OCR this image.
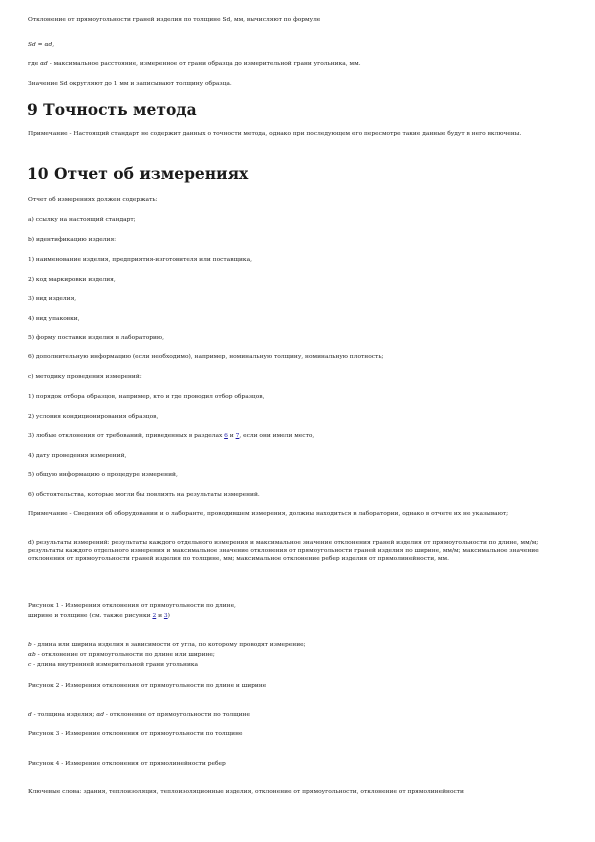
Отклонение от прямоугольности граней изделия по толщине Sd, мм, вычисляют по формуле
Sd = αd,
где αd - максимальное расстояние, измеренное от грани образца до измерительной грани угольника, мм.
Значение Sd округляют до 1 мм и записывают толщину образца.
9 Точность метода
Примечание - Настоящий стандарт не содержит данных о точности метода, однако при последующем его пересмотре такие данные будут в него включены.
10 Отчет об измерениях
Отчет об измерениях должен содержать:
а) ссылку на настоящий стандарт;
b) идентификацию изделия:
1) наименование изделия, предприятия-изготовителя или поставщика,
2) код маркировки изделия,
3) вид изделия,
4) вид упаковки,
5) форму поставки изделия в лабораторию,
6) дополнительную информацию (если необходимо), например, номинальную толщину, номинальную плотность;
с) методику проведения измерений:
1) порядок отбора образцов, например, кто и где проводил отбор образцов,
2) условия кондиционирования образцов,
3) любые отклонения от требований, приведенных в разделах 6 и 7, если они имели место,
4) дату проведения измерений,
5) общую информацию о процедуре измерений,
6) обстоятельства, которые могли бы повлиять на результаты измерений.
Примечание - Сведения об оборудовании и о лаборанте, проводившем измерения, должны находиться в лаборатории, однако в отчете их не указывают;
d) результаты измерений: результаты каждого отдельного измерения и максимальное значение отклонения граней изделия от прямоугольности по длине, мм/м; результаты каждого отдельного измерения и максимальное значение отклонения от прямоугольности граней изделия по ширине, мм/м; максимальное значение отклонения от прямоугольности граней изделия по толщине, мм; максимальное отклонение ребер изделия от прямолинейности, мм.
Рисунок 1 - Измерения отклонения от прямоугольности по длине,
ширине и толщине (см. также рисунки 2 и 3)
b - длина или ширина изделия в зависимости от угла, по которому проводят измерение;
αb - отклонение от прямоугольности по длине или ширине;
c - длина внутренней измерительной грани угольника
Рисунок 2 - Измерения отклонения от прямоугольности по длине и ширине
d - толщина изделия; αd - отклонение от прямоугольности по толщине
Рисунок 3 - Измерение отклонения от прямоугольности по толщине
Рисунок 4 - Измерение отклонения от прямолинейности ребер
Ключевые слова: здания, теплоизоляция, теплоизоляционные изделия, отклонение от прямоугольности, отклонение от прямолинейности
